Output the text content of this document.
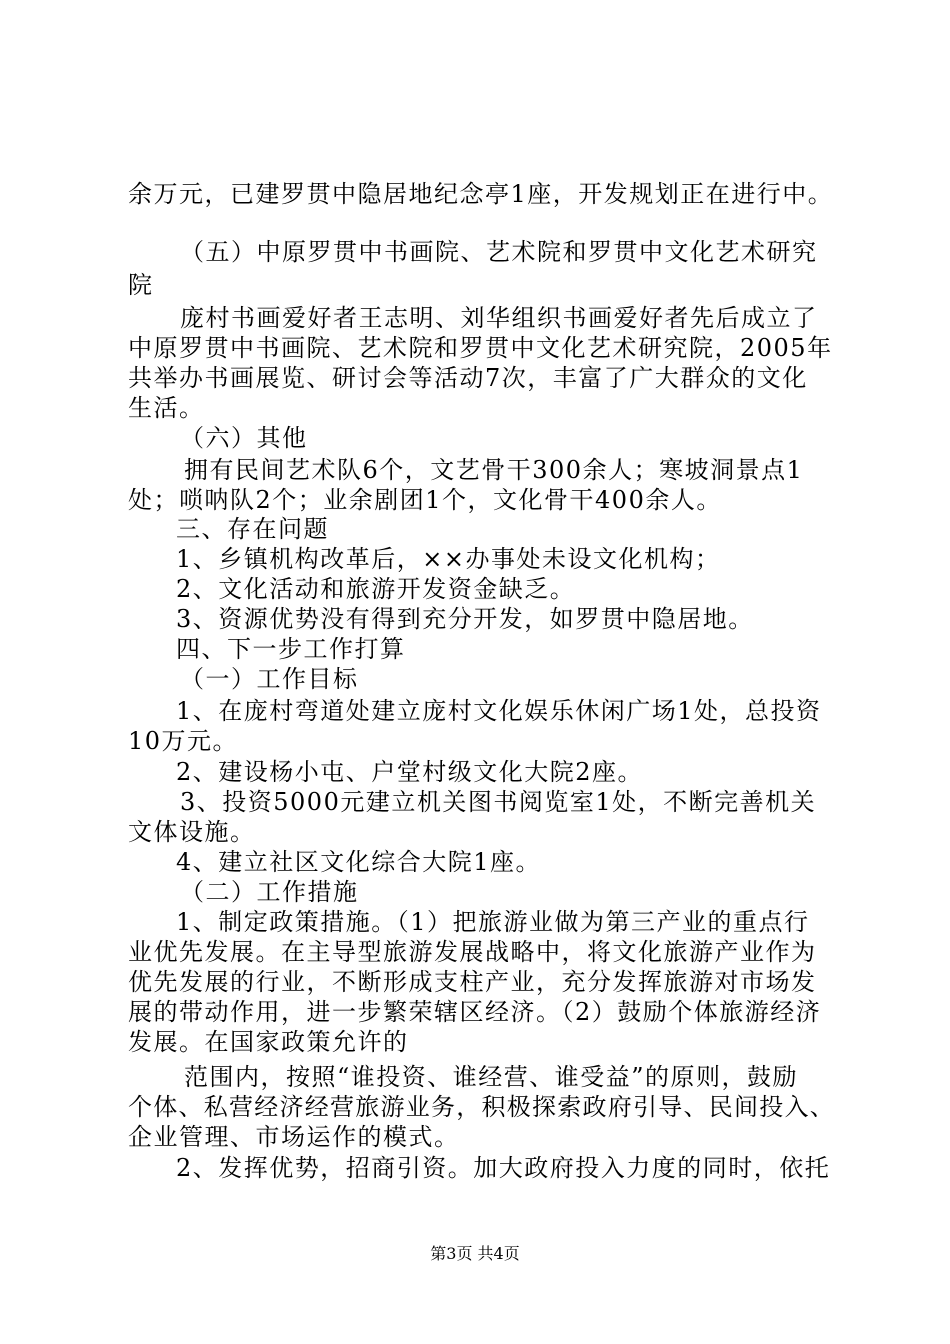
余万元，已建罗贯中隐居地纪念亭1座，开发规划正在进行中。
（五）中原罗贯中书画院、艺术院和罗贯中文化艺术研究
院
庞村书画爱好者王志明、刘华组织书画爱好者先后成立了
中原罗贯中书画院、艺术院和罗贯中文化艺术研究院，2005年
共举办书画展览、研讨会等活动7次，丰富了广大群众的文化
生活。
（六）其他
拥有民间艺术队6个，文艺骨干300余人；寒坡洞景点1
处；唢呐队2个；业余剧团1个，文化骨干400余人。
三、存在问题
1、乡镇机构改革后，××办事处未设文化机构；
2、文化活动和旅游开发资金缺乏。
3、资源优势没有得到充分开发，如罗贯中隐居地。
四、下一步工作打算
（一）工作目标
1、在庞村弯道处建立庞村文化娱乐休闲广场1处，总投资
10万元。
2、建设杨小屯、户堂村级文化大院2座。
3、投资5000元建立机关图书阅览室1处，不断完善机关
文体设施。
4、建立社区文化综合大院1座。
（二）工作措施
1、制定政策措施。（1）把旅游业做为第三产业的重点行
业优先发展。在主导型旅游发展战略中，将文化旅游产业作为
优先发展的行业，不断形成支柱产业，充分发挥旅游对市场发
展的带动作用，进一步繁荣辖区经济。（2）鼓励个体旅游经济
发展。在国家政策允许的
范围内，按照“谁投资、谁经营、谁受益”的原则，鼓励
个体、私营经济经营旅游业务，积极探索政府引导、民间投入、
企业管理、市场运作的模式。
2、发挥优势，招商引资。加大政府投入力度的同时，依托
第3页 共4页
